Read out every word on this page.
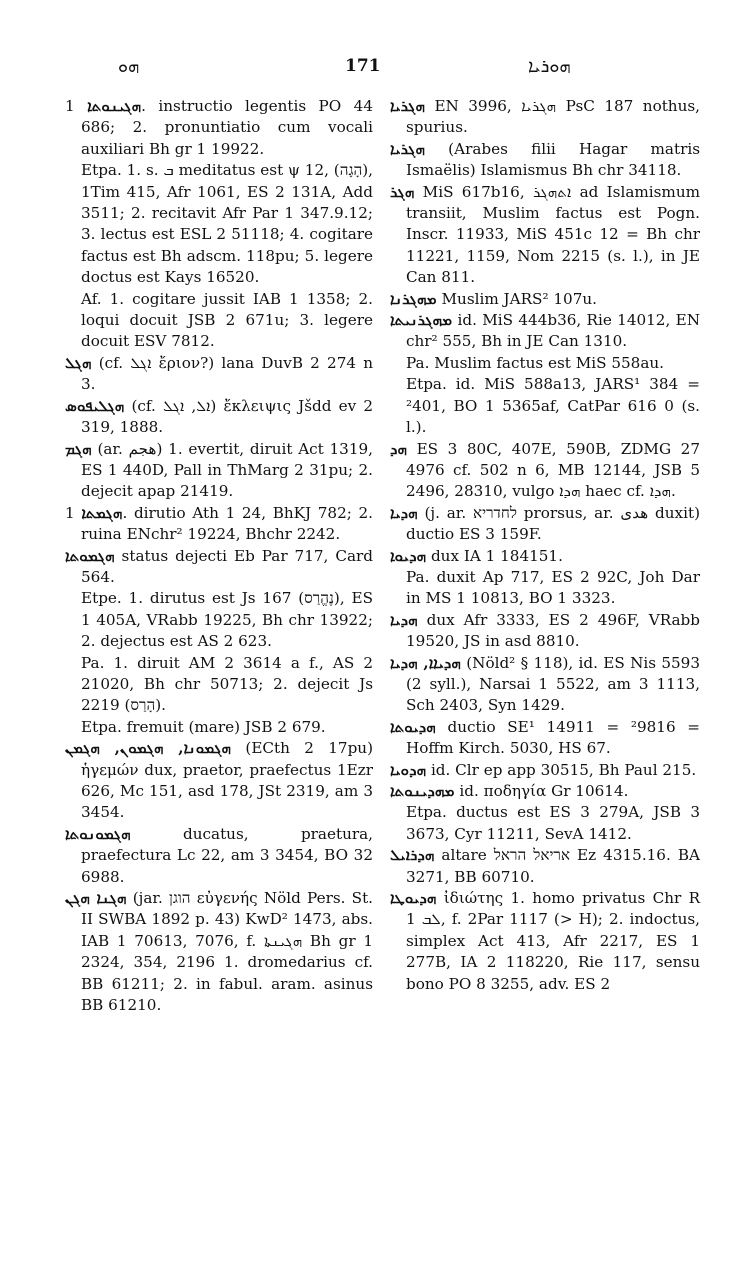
ܗܘ	171	ܗܘܪܝܐ

ܗܓܝܢܘܬܐ 1. instructio legentis PO 44 686; 2. pronuntiatio cum vocali auxiliari Bh gr 1 19922.

Etpa. 1. s. ܒ meditatus est ψ 12, (הָגָה), 1Tim 415, Afr 1061, ES 2 131A, Add 3511; 2. recitavit Afr Par 1 347.9.12; 3. lectus est ESL 2 51118; 4. cogitare factus est Bh adscm. 118pu; 5. legere doctus est Kays 16520.

Af. 1. cogitare jussit IAB 1 1358; 2. loqui docuit JSB 2 671u; 3. legere docuit ESV 7812.

ܗܓܠ (cf. ܐܓܠ ἔριον?) lana DuvB 2 274 n 3.

ܗܓܠܝܦܘܣ (cf. ܐܠ, ܐܓܠ) ἔκλειψις Jšdd ev 2 319, 1888.

ܗܓܡ (ar. هجم) 1. evertit, diruit Act 1319, ES 1 440D, Pall in ThMarg 2 31pu; 2. dejecit apap 21419.

ܗܓܡܬܐ 1. dirutio Ath 1 24, BhKJ 782; 2. ruina ENchr² 19224, Bhchr 2242.

ܗܓܡܘܬܐ status dejecti Eb Par 717, Card 564.

Etpe. 1. dirutus est Js 167 (נֶהֱרַס), ES 1 405A, VRabb 19225, Bh chr 13922; 2. dejectus est AS 2 623.

Pa. 1. diruit AM 2 3614 a f., AS 2 21020, Bh chr 50713; 2. dejecit Js 2219 (הָרַס).

Etpa. fremuit (mare) JSB 2 679.

ܗܓܡܘܢܐ, ܗܓܡܘܢ, ܗܓܡܢ (ECth 2 17pu) ἡγεμών dux, praetor, praefectus 1Ezr 626, Mc 151, asd 178, JSt 2319, am 3 3454.

ܗܓܡܘܢܘܬܐ	ducatus, praetura, praefectura Lc 22, am 3 3454, BO 32 6988.

ܗܓܢܐ ܗܓܢ (jar. הוגן εὐγενής Nöld Pers. St. II SWBA 1892 p. 43) KwD² 1473, abs. IAB 1 70613, 7076, f. ܗܓܝܢܬܐ Bh gr 1 2324, 354, 2196 1. dromedarius cf. BB 61211; 2. in fabul. aram. asinus BB 61210.

ܗܓܪܝܐ EN 3996, ܗܓܪܝܐ PsC 187 nothus, spurius.

ܗܓܪܝܐ (Arabes filii Hagar matris Ismaëlis) Islamismus Bh chr 34118.

ܗܓܪ MiS 617b16, ܐܬܗܓܪ ad Islamismum transiit, Muslim factus est Pogn. Inscr. 11933, MiS 451c 12 = Bh chr 11221, 1159, Nom 2215 (s. l.), in JE Can 811.

ܡܗܓܪܢܐ Muslim JARS² 107u.

ܡܗܓܪܢܝܬܐ id. MiS 444b36, Rie 14012, EN chr² 555, Bh in JE Can 1310.

Pa. Muslim factus est MiS 558au.

Etpa. id. MiS 588a13, JARS¹ 384 = ²401, BO 1 5365af, CatPar 616 0 (s. l.).

ܗܕ ES 3 80C, 407E, 590B, ZDMG 27 4976 cf. 502 n 6, MB 12144, JSB 5 2496, 28310, vulgo ܗܕܐ haec cf. ܗܕܐ.

ܗܕܝܐ (j. ar. לחדריא prorsus, ar. هدى duxit) ductio ES 3 159F.

ܗܕܝܘܐ dux IA 1 184151.

Pa. duxit Ap 717, ES 2 92C, Joh Dar in MS 1 10813, BO 1 3323.

ܗܕܝܐ dux Afr 3333, ES 2 496F, VRabb 19520, JS in asd 8810.

ܗܕܝܐܐ, ܗܕܝܐ (Nöld² § 118), id. ES Nis 5593 (2 syll.), Narsai 1 5522, am 3 1113, Sch 2403, Syn 1429.

ܗܕܝܘܬܐ ductio SE¹ 14911 = ²9816 = Hoffm Kirch. 5030, HS 67.

ܗܕܘܝܐ id. Clr ep app 30515, Bh Paul 215.

ܡܗܕܝܢܘܬܐ id. ποδηγία Gr 10614.

Etpa. ductus est ES 3 279A, JSB 3 3673, Cyr 11211, SevA 1412.

ܗܕܪܐܝܠ altare אריאל הראל Ez 4315.16. BA 3271, BB 60710.

ܗܕܝܘܛܐ ἰδιώτης 1. homo privatus Chr R ܠܒ 1, f. 2Par 1117 (> H); 2. indoctus, simplex Act 413, Afr 2217, ES 1 277B, IA 2 118220, Rie 117, sensu bono PO 8 3255, adv. ES 2
